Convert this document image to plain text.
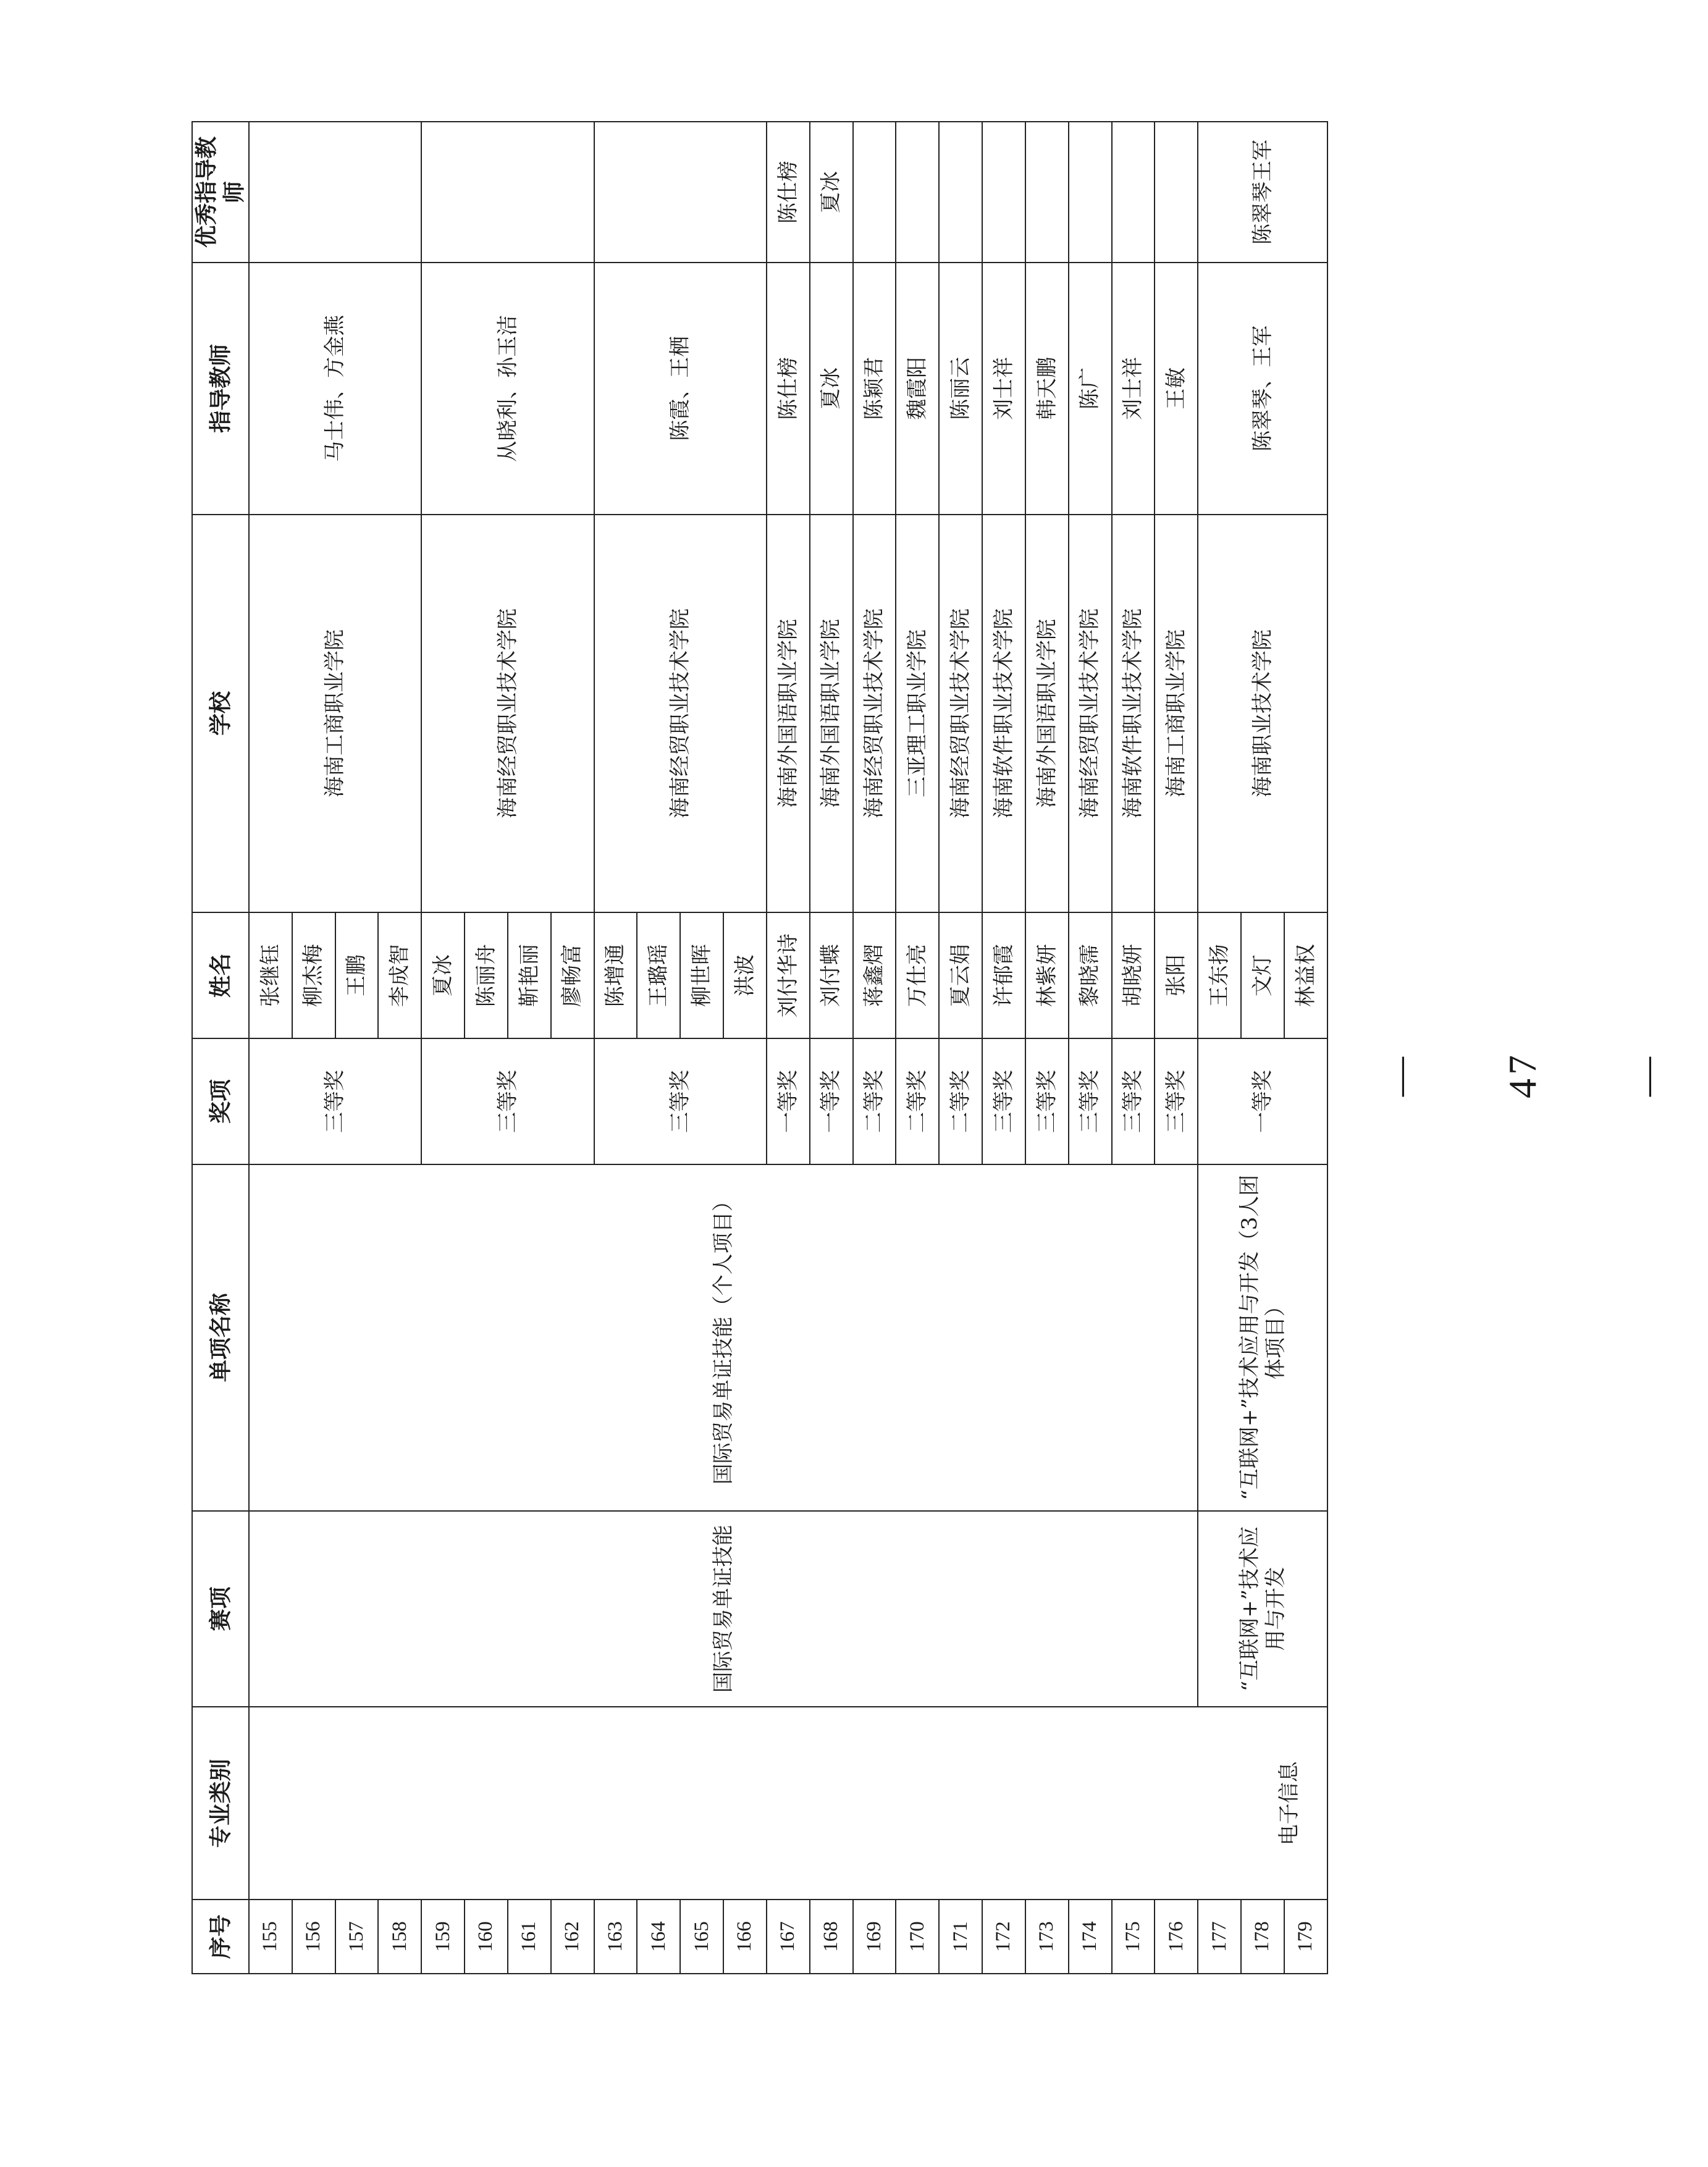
序号	专业类别	赛项	单项名称	奖项	姓名	学校	指导教师	优秀指导教师
155	电子信息	国际贸易单证技能	国际贸易单证技能（个人项目）	三等奖	张继钰	海南工商职业学院	马士伟、方金燕	
156					柳杰梅			
157					王鹏			
158					李成智			
159				三等奖	夏冰	海南经贸职业技术学院	从晓利、孙玉洁	
160					陈丽舟			
161					靳艳丽			
162					廖畅富			
163				三等奖	陈增通	海南经贸职业技术学院	陈霞、王栖	
164					王璐瑶			
165					柳世晖			
166					洪波			
167				一等奖	刘付华诗	海南外国语职业学院	陈仕榜	陈仕榜
168				一等奖	刘付蝶	海南外国语职业学院	夏冰	夏冰
169				二等奖	蒋鑫熠	海南经贸职业技术学院	陈颖君	
170				二等奖	万仕亮	三亚理工职业学院	魏霞阳	
171				二等奖	夏云娟	海南经贸职业技术学院	陈丽云	
172				三等奖	许郁霞	海南软件职业技术学院	刘士祥	
173				三等奖	林紫妍	海南外国语职业学院	韩天鹏	
174				三等奖	黎晓霈	海南经贸职业技术学院	陈广	
175				三等奖	胡晓妍	海南软件职业技术学院	刘士祥	
176				三等奖	张阳	海南工商职业学院	王敏	
177		“互联网+”技术应用与开发	“互联网+”技术应用与开发（3人团体项目）	一等奖	王东扬	海南职业技术学院	陈翠琴、王军	陈翠琴王军
178					文灯			
179					林益权			
— 47 —
